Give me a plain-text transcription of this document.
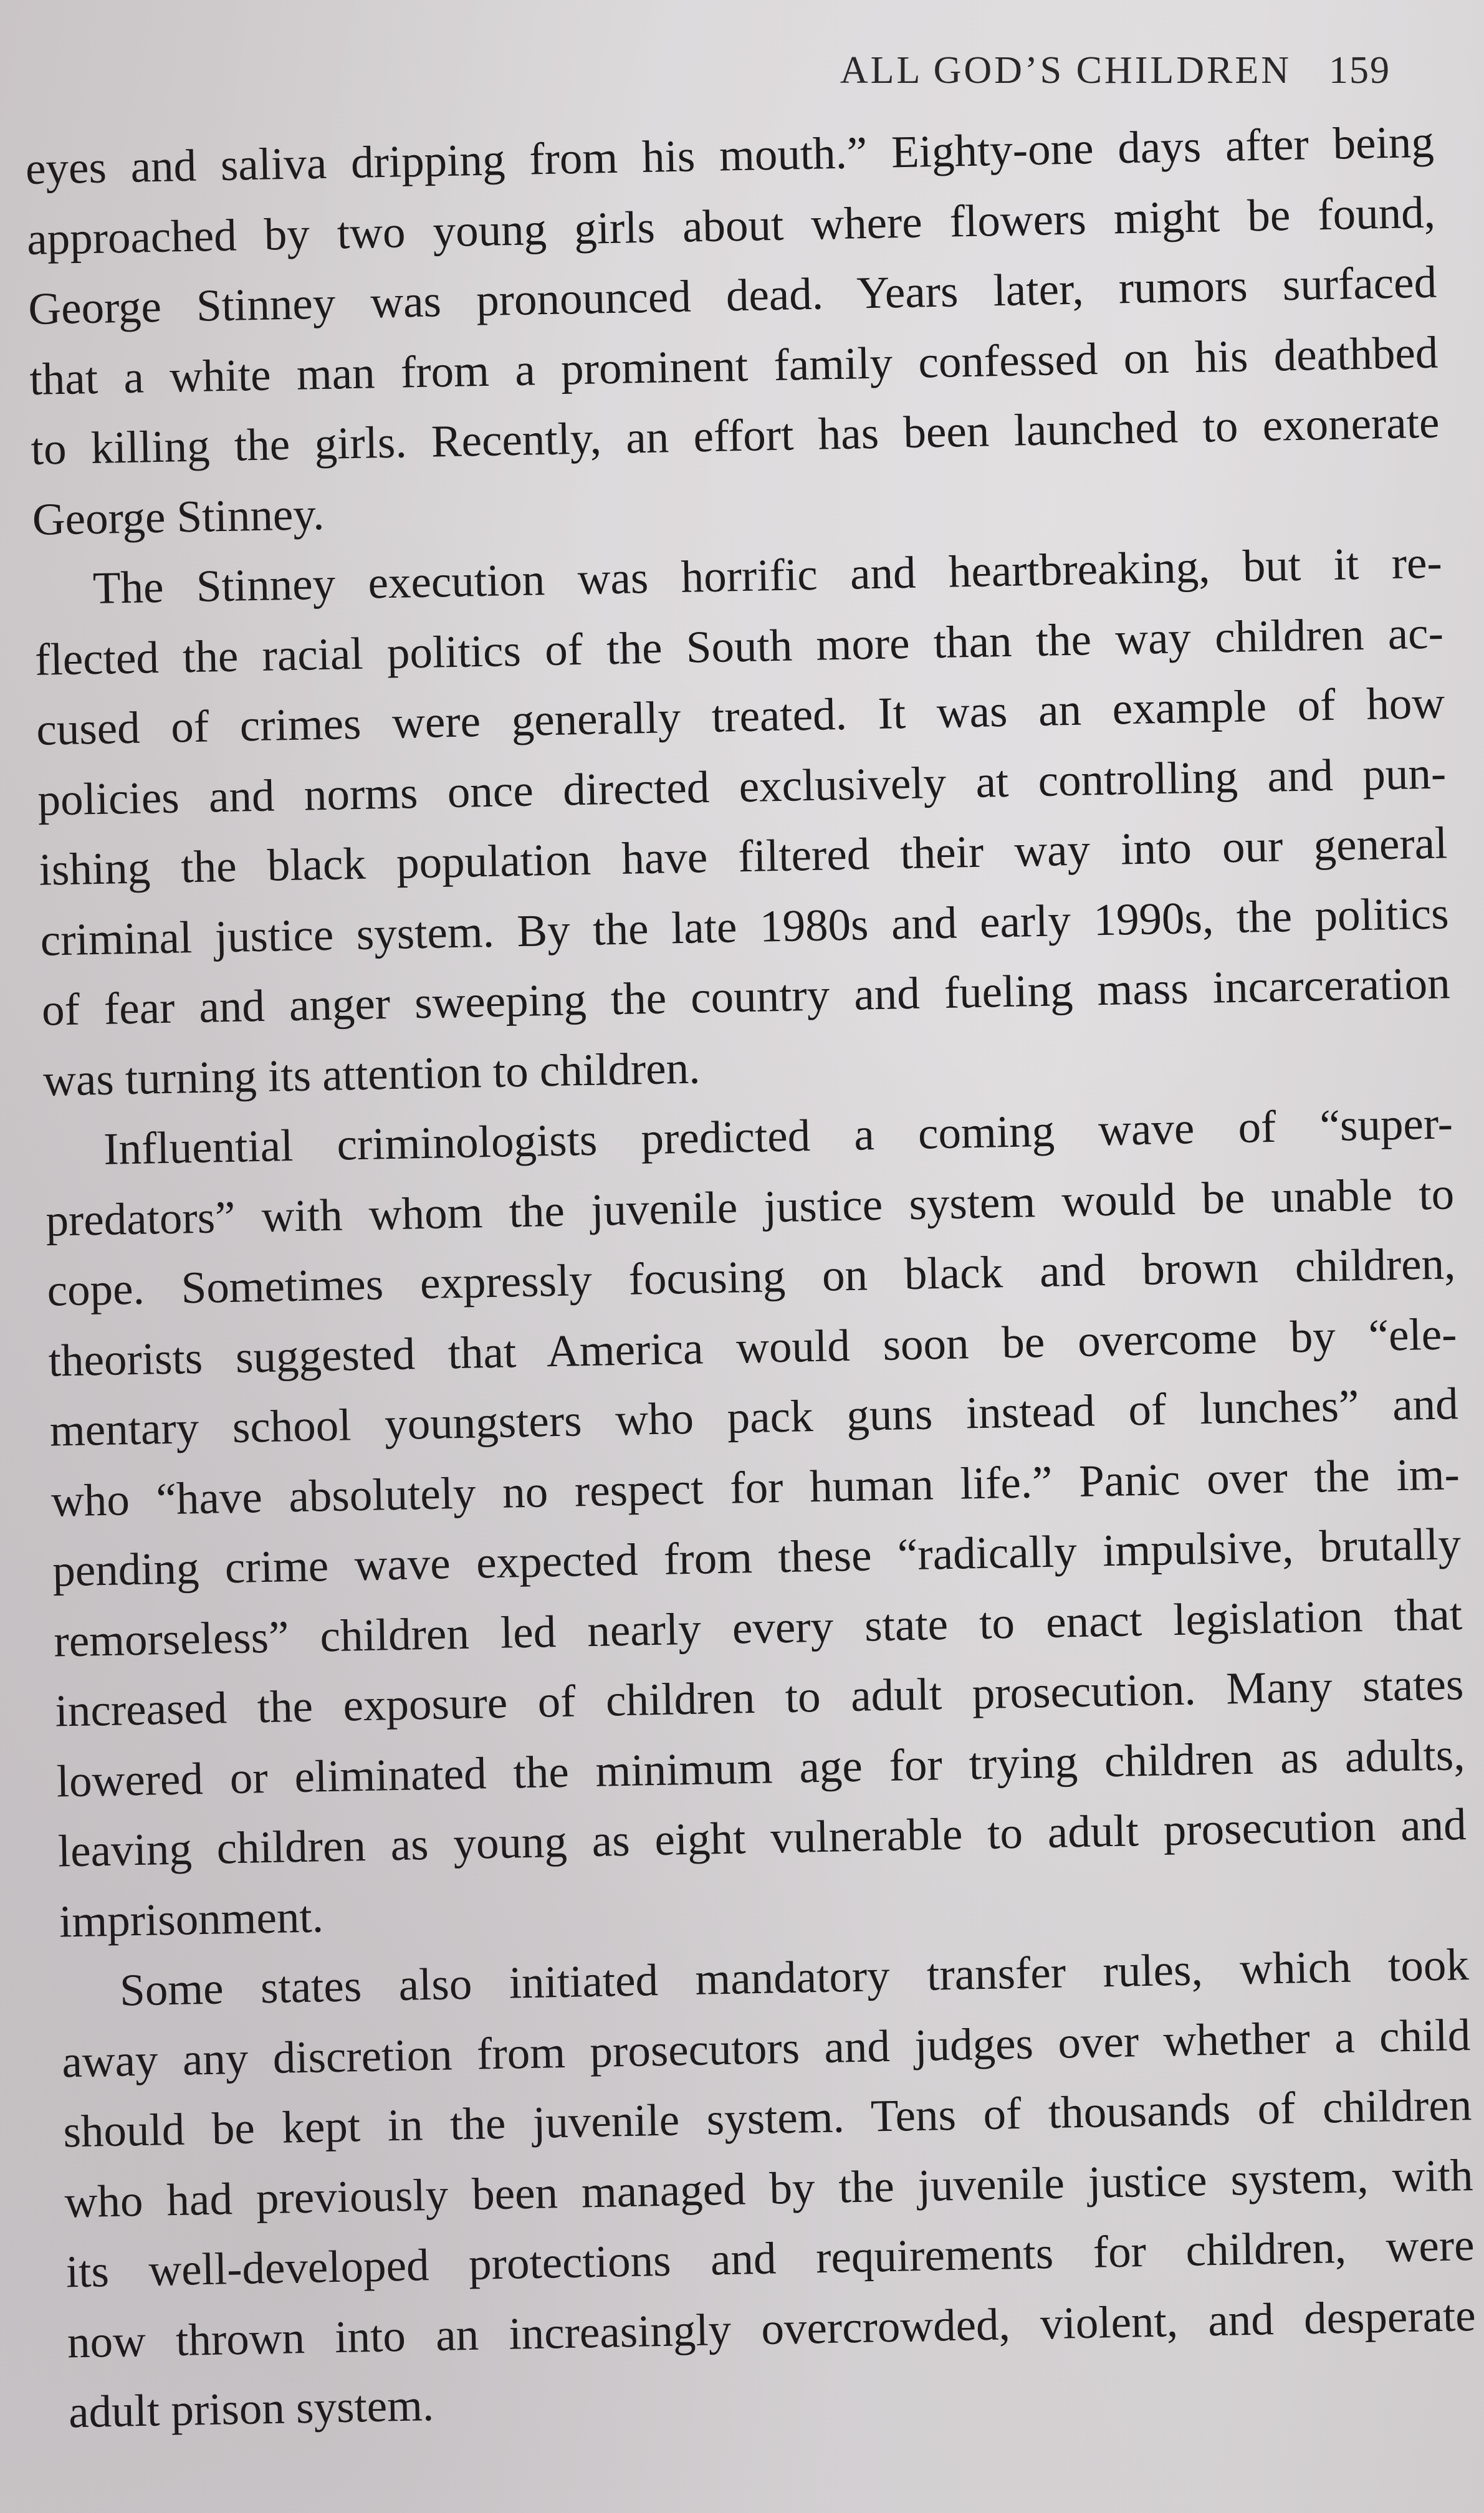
ALL GOD’S CHILDREN 159
eyes and saliva dripping from his mouth.” Eighty-one days after being
approached by two young girls about where flowers might be found,
George Stinney was pronounced dead. Years later, rumors surfaced
that a white man from a prominent family confessed on his deathbed
to killing the girls. Recently, an effort has been launched to exonerate
George Stinney.
The Stinney execution was horrific and heartbreaking, but it re-
flected the racial politics of the South more than the way children ac-
cused of crimes were generally treated. It was an example of how
policies and norms once directed exclusively at controlling and pun-
ishing the black population have filtered their way into our general
criminal justice system. By the late 1980s and early 1990s, the politics
of fear and anger sweeping the country and fueling mass incarceration
was turning its attention to children.
Influential criminologists predicted a coming wave of “super-
predators” with whom the juvenile justice system would be unable to
cope. Sometimes expressly focusing on black and brown children,
theorists suggested that America would soon be overcome by “ele-
mentary school youngsters who pack guns instead of lunches” and
who “have absolutely no respect for human life.” Panic over the im-
pending crime wave expected from these “radically impulsive, brutally
remorseless” children led nearly every state to enact legislation that
increased the exposure of children to adult prosecution. Many states
lowered or eliminated the minimum age for trying children as adults,
leaving children as young as eight vulnerable to adult prosecution and
imprisonment.
Some states also initiated mandatory transfer rules, which took
away any discretion from prosecutors and judges over whether a child
should be kept in the juvenile system. Tens of thousands of children
who had previously been managed by the juvenile justice system, with
its well-developed protections and requirements for children, were
now thrown into an increasingly overcrowded, violent, and desperate
adult prison system.
